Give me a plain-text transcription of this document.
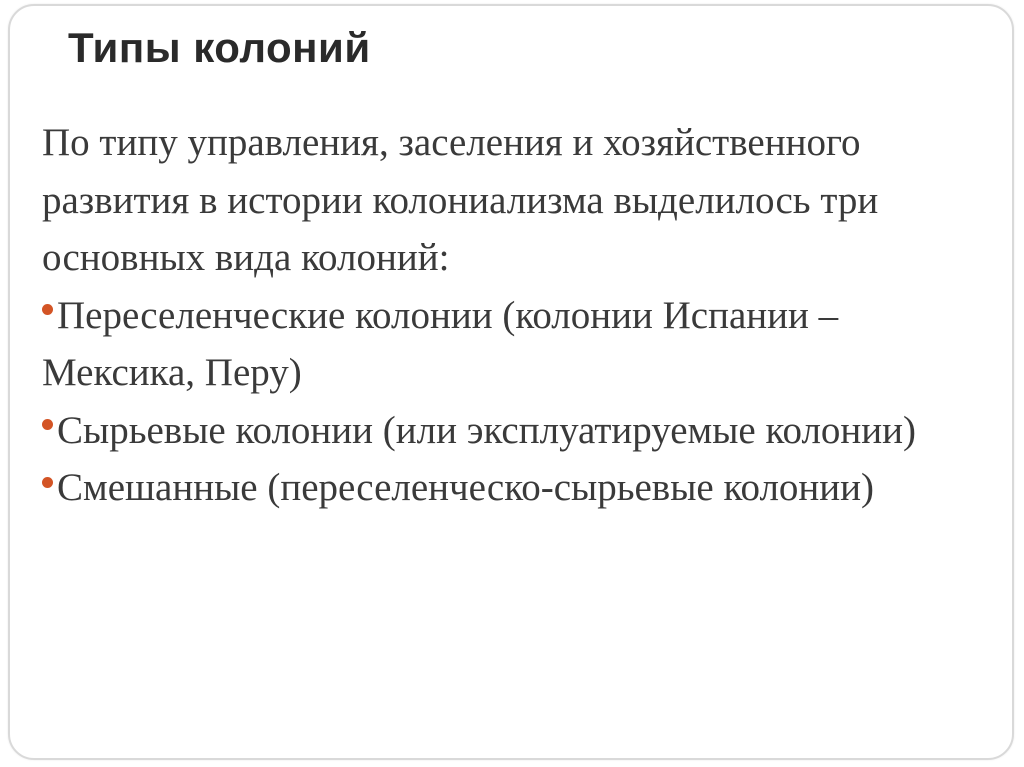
Типы колоний

По типу управления, заселения и хозяйственного развития в истории колониализма выделилось три основных вида колоний:

Переселенческие колонии (колонии Испании – Мексика, Перу)
Сырьевые колонии (или эксплуатируемые колонии)
Смешанные (переселенческо-сырьевые колонии)
